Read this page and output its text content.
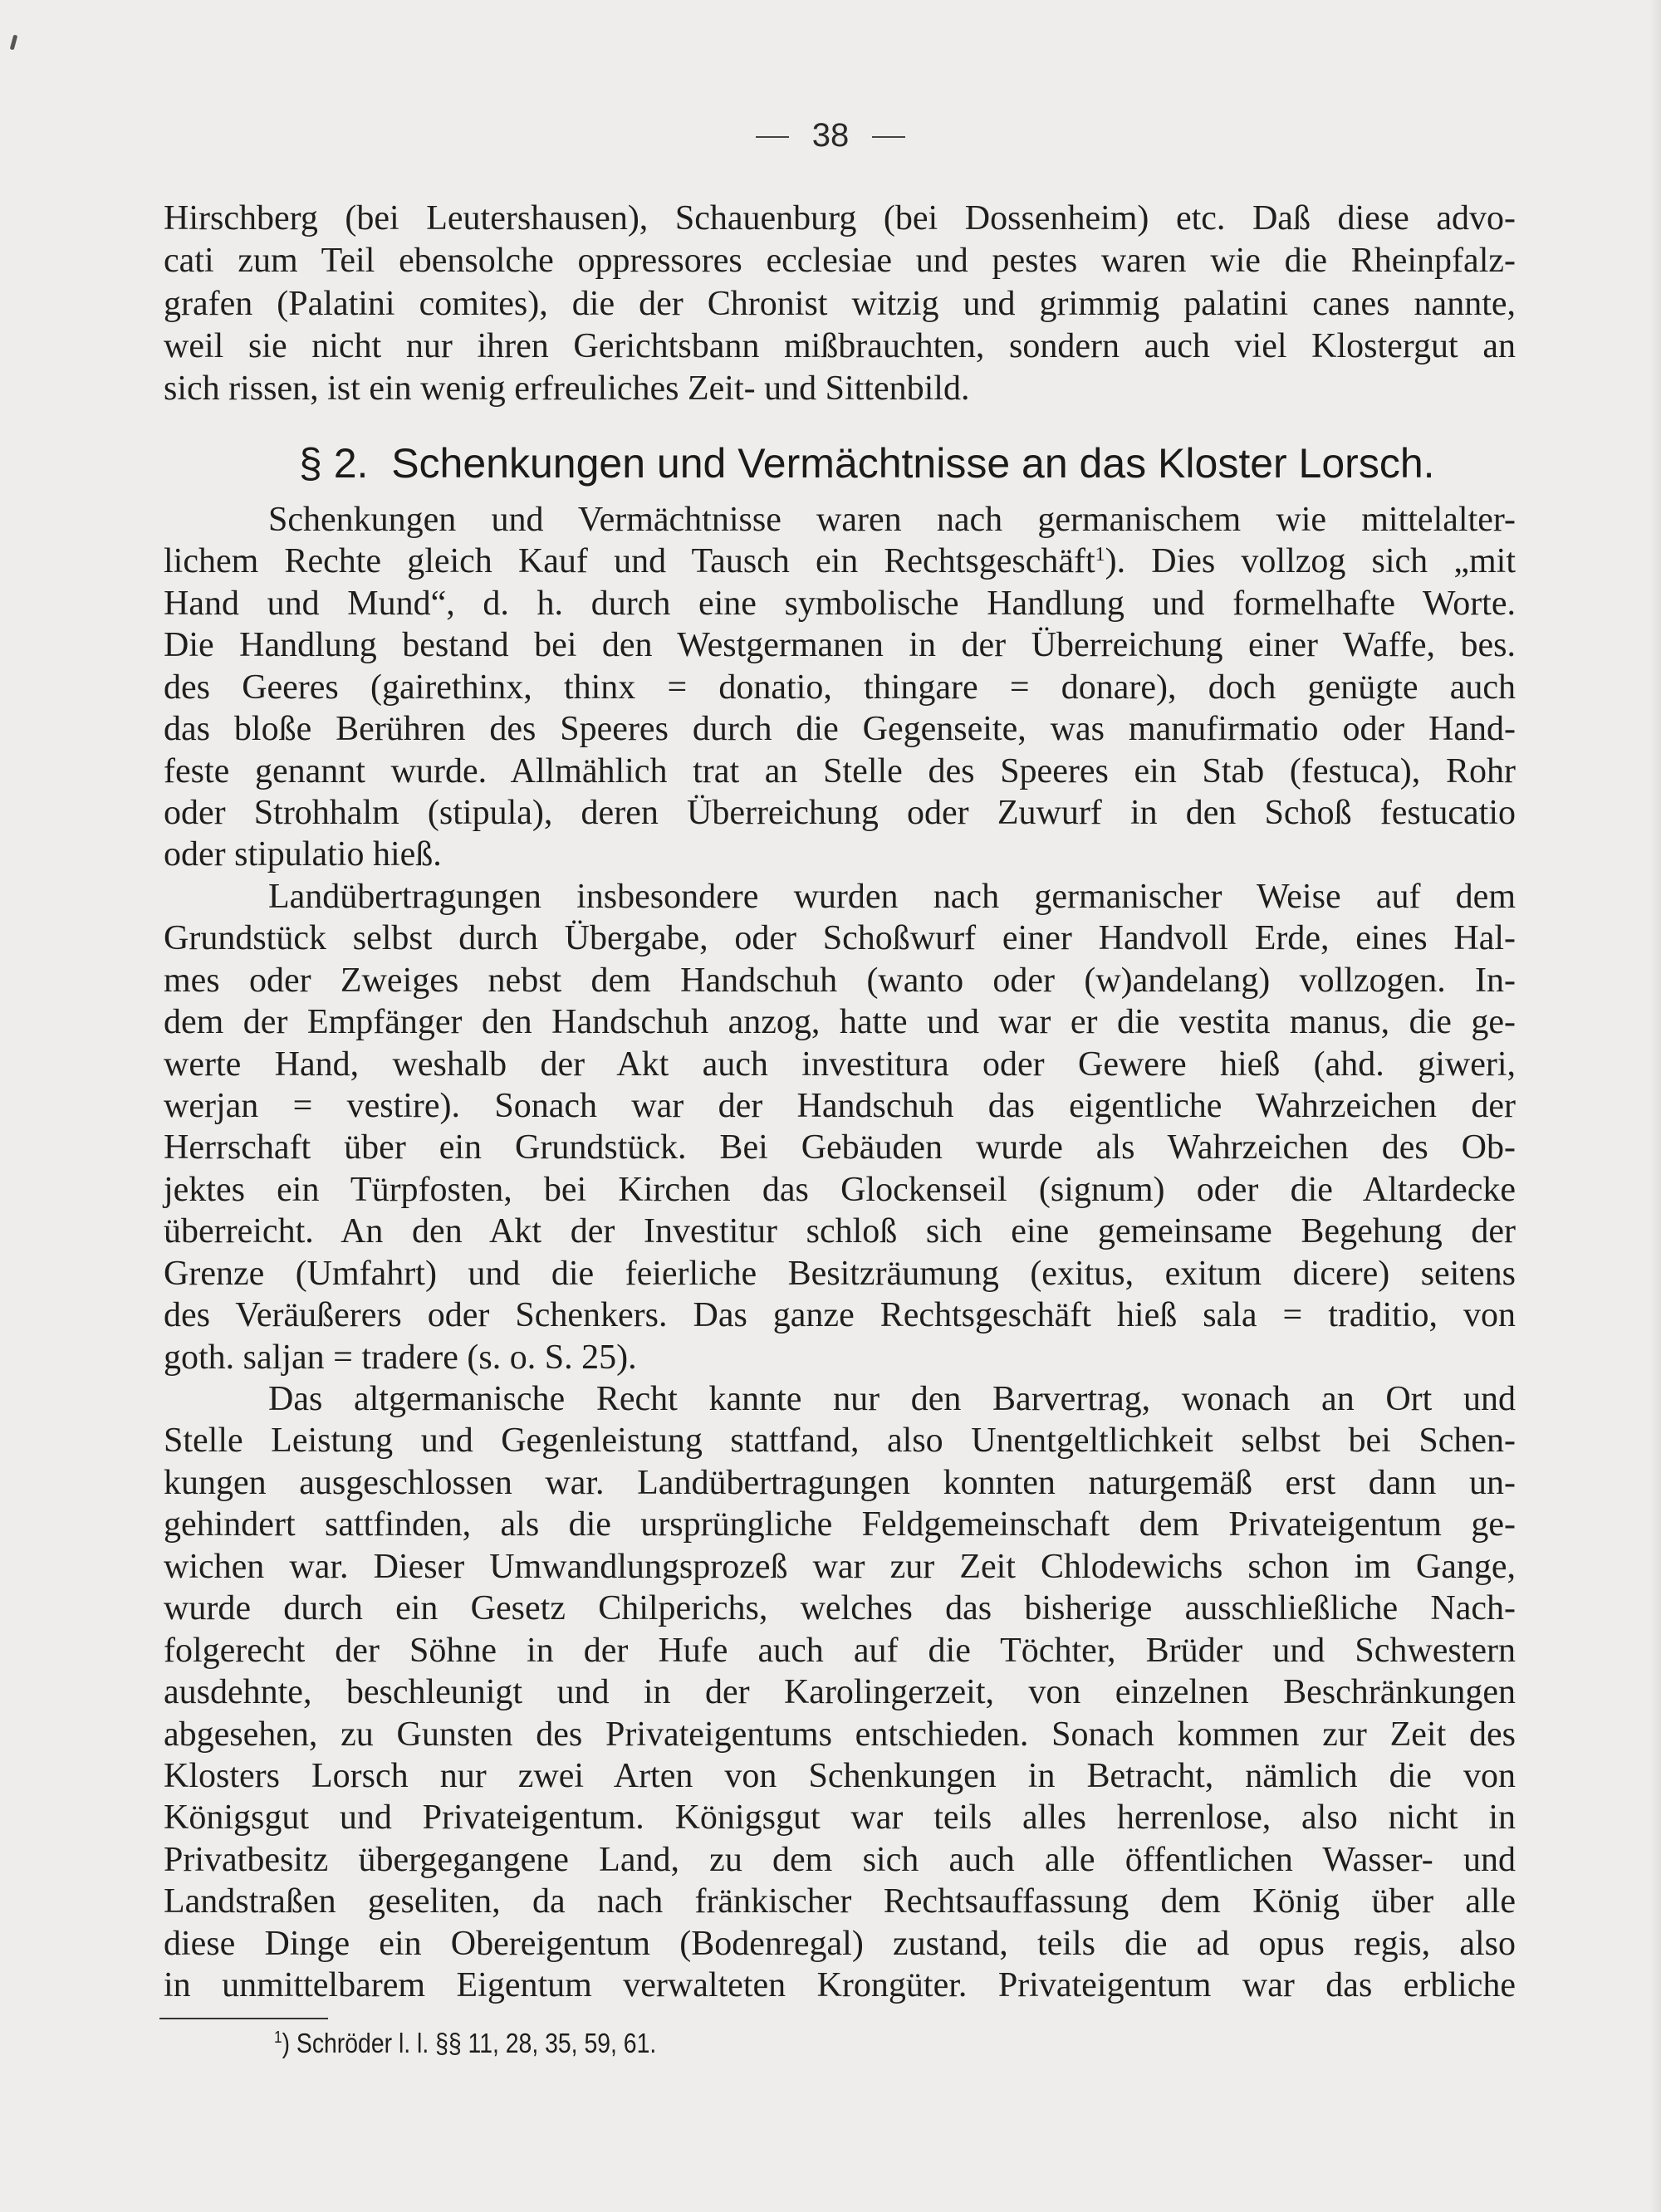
38
Hirschberg (bei Leutershausen), Schauenburg (bei Dossenheim) etc. Daß diese advo-
cati zum Teil ebensolche oppressores ecclesiae und pestes waren wie die Rheinpfalz-
grafen (Palatini comites), die der Chronist witzig und grimmig palatini canes nannte,
weil sie nicht nur ihren Gerichtsbann mißbrauchten, sondern auch viel Klostergut an
sich rissen, ist ein wenig erfreuliches Zeit- und Sittenbild.
§ 2. Schenkungen und Vermächtnisse an das Kloster Lorsch.
Schenkungen und Vermächtnisse waren nach germanischem wie mittelalter-
lichem Rechte gleich Kauf und Tausch ein Rechtsgeschäft$^1$). Dies vollzog sich „mit
Hand und Mund“, d. h. durch eine symbolische Handlung und formelhafte Worte.
Die Handlung bestand bei den Westgermanen in der Überreichung einer Waffe, bes.
des Geeres (gairethinx, thinx = donatio, thingare = donare), doch genügte auch
das bloße Berühren des Speeres durch die Gegenseite, was manufirmatio oder Hand-
feste genannt wurde. Allmählich trat an Stelle des Speeres ein Stab (festuca), Rohr
oder Strohhalm (stipula), deren Überreichung oder Zuwurf in den Schoß festucatio
oder stipulatio hieß.
Landübertragungen insbesondere wurden nach germanischer Weise auf dem
Grundstück selbst durch Übergabe, oder Schoßwurf einer Handvoll Erde, eines Hal-
mes oder Zweiges nebst dem Handschuh (wanto oder (w)andelang) vollzogen. In-
dem der Empfänger den Handschuh anzog, hatte und war er die vestita manus, die ge-
werte Hand, weshalb der Akt auch investitura oder Gewere hieß (ahd. giweri,
werjan = vestire). Sonach war der Handschuh das eigentliche Wahrzeichen der
Herrschaft über ein Grundstück. Bei Gebäuden wurde als Wahrzeichen des Ob-
jektes ein Türpfosten, bei Kirchen das Glockenseil (signum) oder die Altardecke
überreicht. An den Akt der Investitur schloß sich eine gemeinsame Begehung der
Grenze (Umfahrt) und die feierliche Besitzräumung (exitus, exitum dicere) seitens
des Veräußerers oder Schenkers. Das ganze Rechtsgeschäft hieß sala = traditio, von
goth. saljan = tradere (s. o. S. 25).
Das altgermanische Recht kannte nur den Barvertrag, wonach an Ort und
Stelle Leistung und Gegenleistung stattfand, also Unentgeltlichkeit selbst bei Schen-
kungen ausgeschlossen war. Landübertragungen konnten naturgemäß erst dann un-
gehindert sattfinden, als die ursprüngliche Feldgemeinschaft dem Privateigentum ge-
wichen war. Dieser Umwandlungsprozeß war zur Zeit Chlodewichs schon im Gange,
wurde durch ein Gesetz Chilperichs, welches das bisherige ausschließliche Nach-
folgerecht der Söhne in der Hufe auch auf die Töchter, Brüder und Schwestern
ausdehnte, beschleunigt und in der Karolingerzeit, von einzelnen Beschränkungen
abgesehen, zu Gunsten des Privateigentums entschieden. Sonach kommen zur Zeit des
Klosters Lorsch nur zwei Arten von Schenkungen in Betracht, nämlich die von
Königsgut und Privateigentum. Königsgut war teils alles herrenlose, also nicht in
Privatbesitz übergegangene Land, zu dem sich auch alle öffentlichen Wasser- und
Landstraßen geseliten, da nach fränkischer Rechtsauffassung dem König über alle
diese Dinge ein Obereigentum (Bodenregal) zustand, teils die ad opus regis, also
in unmittelbarem Eigentum verwalteten Krongüter. Privateigentum war das erbliche
$^1$) Schröder l. l. §§ 11, 28, 35, 59, 61.
